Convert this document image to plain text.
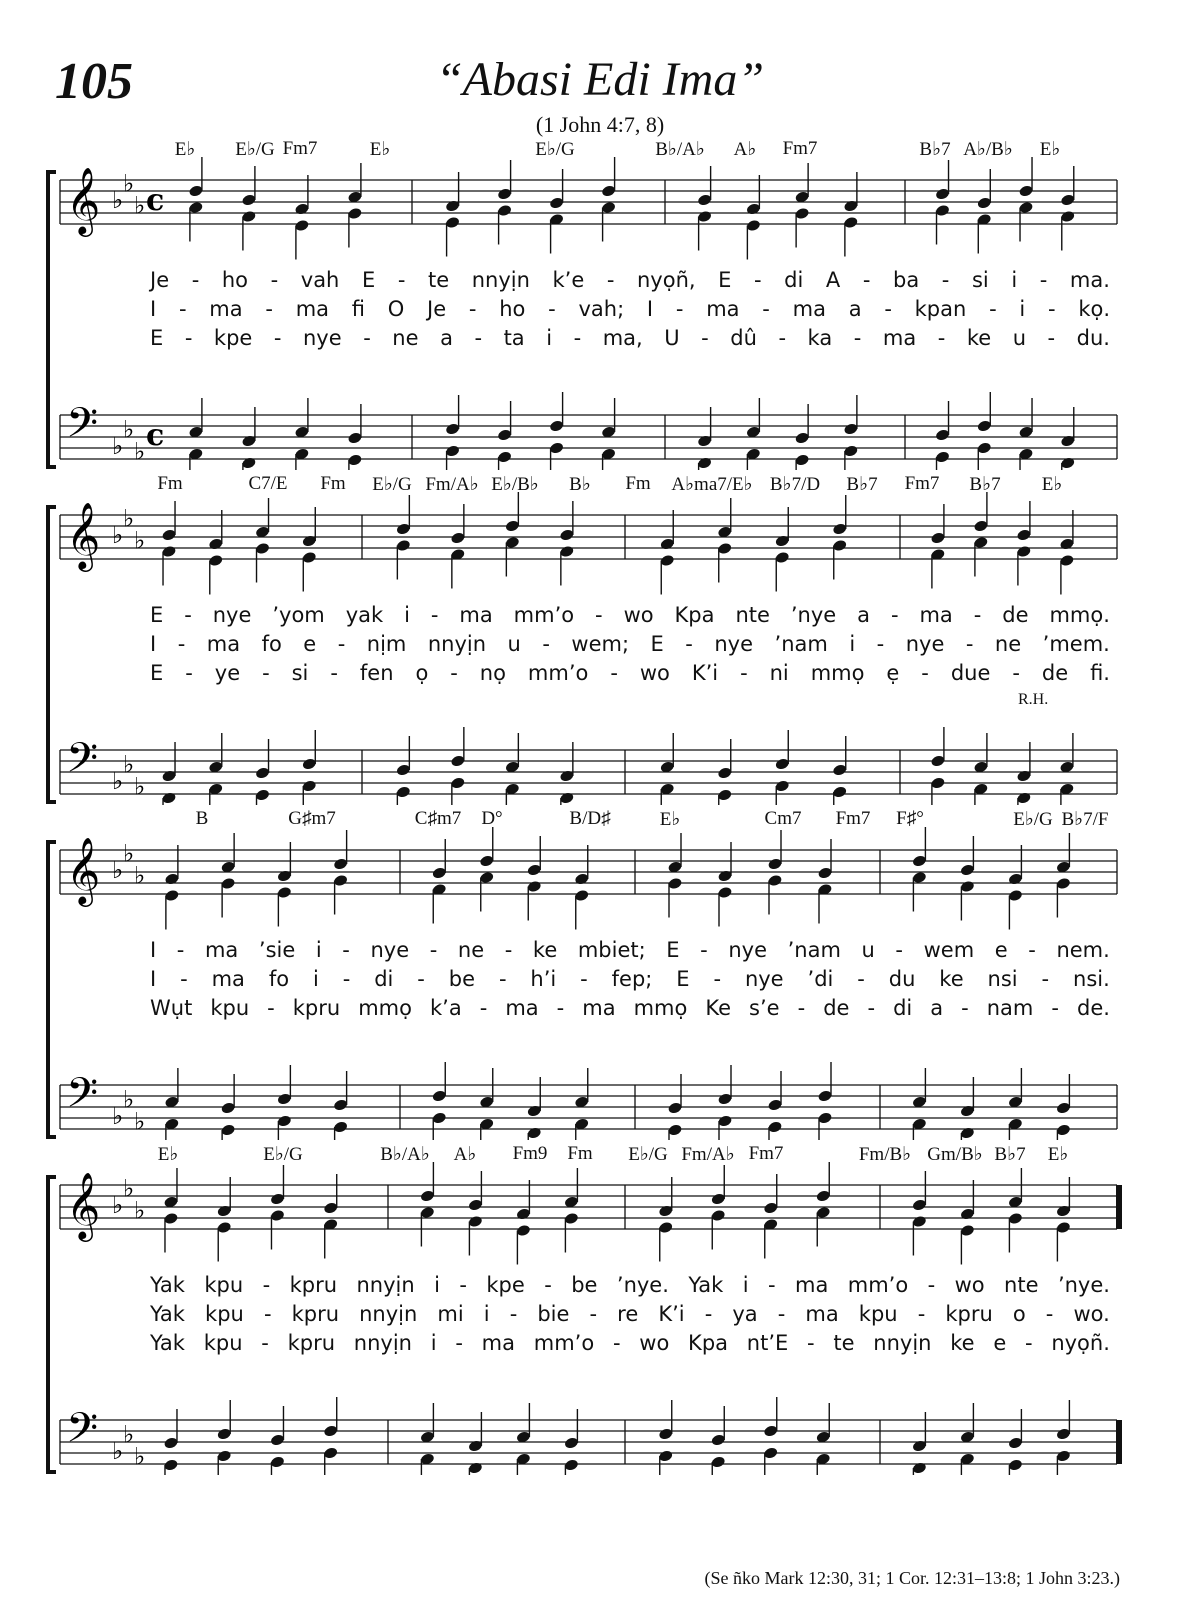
105	“Abasi Edi Ima”
(1 John 4:7, 8)
𝄞
𝄢
♭
♭
♭
♭
♭
♭
c
c
E♭ E♭/G Fm7	E♭	E♭/G	B♭/A♭ A♭ Fm7	B♭7 A♭/B♭ E♭
Je - ho - vah E - te nnyịn k’e - nyọñ, E - di A - ba - si i - ma.
I - ma - ma fi O Je - ho - vah; I - ma - ma a - kpan - i - kọ.
E - kpe - nye - ne a - ta i - ma, U - dû - ka - ma - ke u - du.
𝄞
𝄢
♭
♭
♭
♭
♭
♭
Fm	C7/E Fm E♭/G Fm/A♭ E♭/B♭ B♭ Fm A♭ma7/E♭ B♭7/D B♭7 Fm7 B♭7 E♭
E - nye ’yom yak i - ma mm’o - wo Kpa nte ’nye a - ma - de mmọ.
I - ma fo e - nịm nnyịn u - wem; E - nye ’nam i - nye - ne ’mem.
E - ye - si - fen ọ - nọ mm’o - wo K’i - ni mmọ ẹ - due - de fi.
R.H.
𝄞
𝄢
♭
♭
♭
♭
♭
♭
B	G♯m7	C♯m7 D°	B/D♯	E♭	Cm7 Fm7 F♯°	E♭/G B♭7/F
I - ma ’sie i - nye - ne - ke mbiet; E - nye ’nam u - wem e - nem.
I - ma fo i - di - be - h’i - fep; E - nye ’di - du ke nsi - nsi.
Wụt kpu - kpru mmọ k’a - ma - ma mmọ Ke s’e - de - di a - nam - de.
𝄞
𝄢
♭
♭
♭
♭
♭
♭
E♭	E♭/G	B♭/A♭ A♭ Fm9 Fm E♭/G Fm/A♭ Fm7	Fm/B♭ Gm/B♭ B♭7 E♭
Yak kpu - kpru nnyịn i - kpe - be ’nye. Yak i - ma mm’o - wo nte ’nye.
Yak kpu - kpru nnyịn mi i - bie - re K’i - ya - ma kpu - kpru o - wo.
Yak kpu - kpru nnyịn i - ma mm’o - wo Kpa nt’E - te nnyịn ke e - nyọñ.
(Se ñko Mark 12:30, 31; 1 Cor. 12:31–13:8; 1 John 3:23.)
